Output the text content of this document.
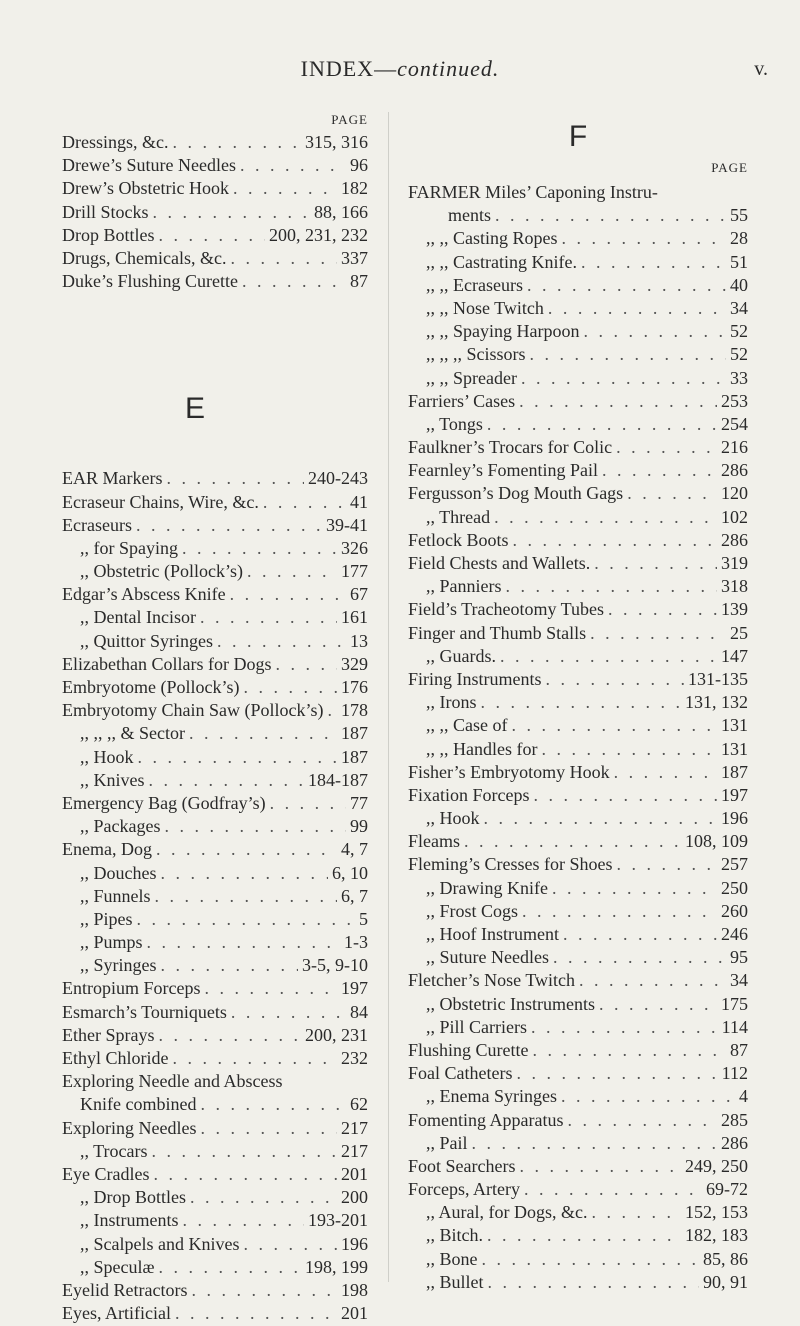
INDEX—continued.	v.
PAGE
Dressings, &c. . . .	315, 316
Drewe’s Suture Needles . . .	96
Drew’s Obstetric Hook . . .	182
Drill Stocks . . .	88, 166
Drop Bottles . . .	200, 231, 232
Drugs, Chemicals, &c. . . .	337
Duke’s Flushing Curette . . .	87
E
EAR Markers . . .	240-243
Ecraseur Chains, Wire, &c. . . .	41
Ecraseurs . . .	39-41
,, for Spaying . . .	326
,, Obstetric (Pollock’s) . . .	177
Edgar’s Abscess Knife . . .	67
,, Dental Incisor . . .	161
,, Quittor Syringes . . .	13
Elizabethan Collars for Dogs . . .	329
Embryotome (Pollock’s) . . .	176
Embryotomy Chain Saw (Pollock’s) . . . 178
,, ,, ,, & Sector . . .	187
,, Hook . . .	187
,, Knives . . .	184-187
Emergency Bag (Godfray’s) . . .	77
,, Packages . . .	99
Enema, Dog . . .	4, 7
,, Douches . . .	6, 10
,, Funnels . . .	6, 7
,, Pipes . . .	5
,, Pumps . . .	1-3
,, Syringes . . .	3-5, 9-10
Entropium Forceps . . .	197
Esmarch’s Tourniquets . . .	84
Ether Sprays . . .	200, 231
Ethyl Chloride . . .	232
Exploring Needle and Abscess
Knife combined . . .	62
Exploring Needles . . .	217
,, Trocars . . .	217
Eye Cradles . . .	201
,, Drop Bottles . . .	200
,, Instruments . . .	193-201
,, Scalpels and Knives . . .	196
,, Speculæ . . .	198, 199
Eyelid Retractors . . .	198
Eyes, Artificial . . .	201
F
PAGE
FARMER Miles’ Caponing Instru-
ments . . .	55
,, ,, Casting Ropes . . .	28
,, ,, Castrating Knife. . . .	51
,, ,, Ecraseurs . . .	40
,, ,, Nose Twitch . . .	34
,, ,, Spaying Harpoon . . .	52
,, ,, ,, Scissors . . .	52
,, ,, Spreader . . .	33
Farriers’ Cases . . .	253
,, Tongs . . .	254
Faulkner’s Trocars for Colic . . .	216
Fearnley’s Fomenting Pail . . .	286
Fergusson’s Dog Mouth Gags . . .	120
,, Thread . . .	102
Fetlock Boots . . .	286
Field Chests and Wallets. . . .	319
,, Panniers . . .	318
Field’s Tracheotomy Tubes . . .	139
Finger and Thumb Stalls . . .	25
,, Guards. . . .	147
Firing Instruments . . .	131-135
,, Irons . . .	131, 132
,, ,, Case of . . .	131
,, ,, Handles for . . .	131
Fisher’s Embryotomy Hook . . .	187
Fixation Forceps . . .	197
,, Hook . . .	196
Fleams . . .	108, 109
Fleming’s Cresses for Shoes . . .	257
,, Drawing Knife . . .	250
,, Frost Cogs . . .	260
,, Hoof Instrument . . .	246
,, Suture Needles . . .	95
Fletcher’s Nose Twitch . . .	34
,, Obstetric Instruments . . .	175
,, Pill Carriers . . .	114
Flushing Curette . . .	87
Foal Catheters . . .	112
,, Enema Syringes . . .	4
Fomenting Apparatus . . .	285
,, Pail . . .	286
Foot Searchers . . .	249, 250
Forceps, Artery . . .	69-72
,, Aural, for Dogs, &c. . . .	152, 153
,, Bitch. . . .	182, 183
,, Bone . . .	85, 86
,, Bullet . . .	90, 91
